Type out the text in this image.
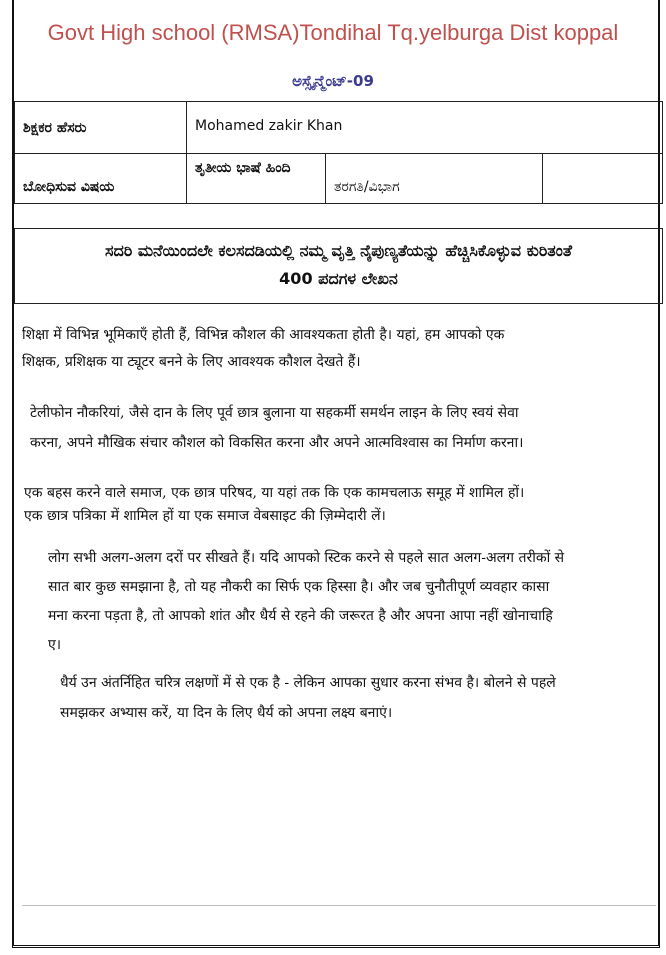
Govt High school (RMSA)Tondihal Tq.yelburga Dist koppal
ಅಸ್ಸೈನ್ಮೆಂಟ್-09
ಶಿಕ್ಷಕರ ಹೆಸರು	Mohamed zakir Khan		
ಬೋಧಿಸುವ ವಿಷಯ	ತೃತೀಯ ಭಾಷೆ ಹಿಂದಿ	ತರಗತಿ/ವಿಭಾಗ	
ಸದರಿ ಮನೆಯಿಂದಲೇ ಕಲಸದಡಿಯಲ್ಲಿ ನಮ್ಮ ವೃತ್ತಿ ನೈಪುಣ್ಯತೆಯನ್ನು ಹೆಚ್ಚಿಸಿಕೊಳ್ಳುವ ಕುರಿತಂತೆ
400 ಪದಗಳ ಲೇಖನ
शिक्षा में विभिन्न भूमिकाएँ होती हैं, विभिन्न कौशल की आवश्यकता होती है। यहां, हम आपको एक
शिक्षक, प्रशिक्षक या ट्यूटर बनने के लिए आवश्यक कौशल देखते हैं।
टेलीफोन नौकरियां, जैसे दान के लिए पूर्व छात्र बुलाना या सहकर्मी समर्थन लाइन के लिए स्वयं सेवा
करना, अपने मौखिक संचार कौशल को विकसित करना और अपने आत्मविश्वास का निर्माण करना।
एक बहस करने वाले समाज, एक छात्र परिषद, या यहां तक कि एक कामचलाऊ समूह में शामिल हों।
एक छात्र पत्रिका में शामिल हों या एक समाज वेबसाइट की ज़िम्मेदारी लें।
लोग सभी अलग-अलग दरों पर सीखते हैं। यदि आपको स्टिक करने से पहले सात अलग-अलग तरीकों से
सात बार कुछ समझाना है, तो यह नौकरी का सिर्फ एक हिस्सा है। और जब चुनौतीपूर्ण व्यवहार कासा
मना करना पड़ता है, तो आपको शांत और धैर्य से रहने की जरूरत है और अपना आपा नहीं खोनाचाहि
ए।
धैर्य उन अंतर्निहित चरित्र लक्षणों में से एक है - लेकिन आपका सुधार करना संभव है। बोलने से पहले
समझकर अभ्यास करें, या दिन के लिए धैर्य को अपना लक्ष्य बनाएं।
